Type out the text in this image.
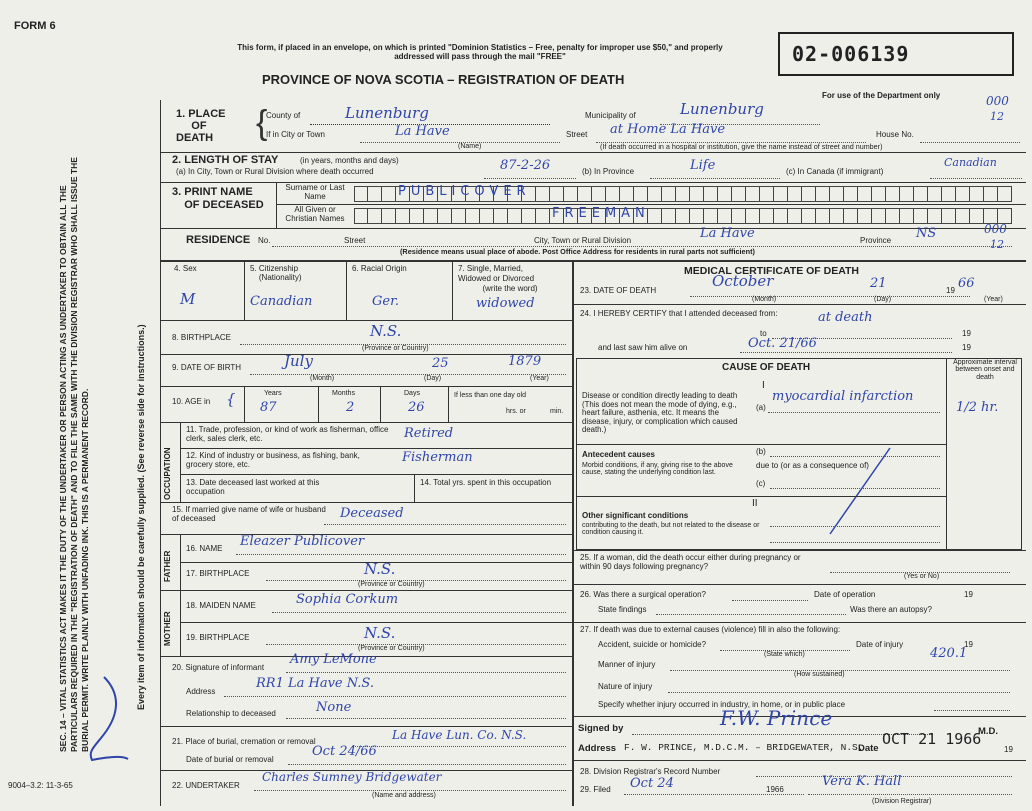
FORM 6
This form, if placed in an envelope, on which is printed "Dominion Statistics – Free, penalty for improper use $50," and properly addressed will pass through the mail "FREE"	02-006139
PROVINCE OF NOVA SCOTIA – REGISTRATION OF DEATH
For use of the Department only	000
12
SEC. 14 – VITAL STATISTICS ACT MAKES IT THE DUTY OF THE UNDERTAKER OR PERSON ACTING AS UNDERTAKER TO OBTAIN ALL THE PARTICULARS REQUIRED IN THE "REGISTRATION OF DEATH" AND TO FILE THE SAME WITH THE DIVISION REGISTRAR WHO SHALL ISSUE THE BURIAL PERMIT. WRITE PLAINLY WITH UNFADING INK. THIS IS A PERMANENT RECORD.	Every item of information should be carefully supplied. (See reverse side for instructions.)
9004–3.2: 11-3-65
1. PLACE
OF
DEATH	{
County of	Lunenburg	Municipality of	Lunenburg
If in City or Town	La Have
(Name)
Street at Home La Have	House No.
(If death occurred in a hospital or institution, give the name instead of street and number)
2. LENGTH OF STAY	(in years, months and days)
(a) In City, Town or Rural Division where death occurred	87-2-26	(b) In Province	Life	(c) In Canada (if immigrant)
Canadian
3. PRINT NAME
OF DECEASED
Surname or Last Name
All Given or Christian Names
PUBLICOVER
FREEMAN
RESIDENCE No.	Street	City, Town or Rural Division	La Have	Province NS	000
12
(Residence means usual place of abode. Post Office Address for residents in rural parts not sufficient)
4. Sex
M
5. Citizenship
(Nationality)
Canadian
6. Racial Origin
Ger.
7. Single, Married,
Widowed or Divorced
(write the word)
widowed
8. BIRTHPLACE	N.S.
(Province or Country)
9. DATE OF BIRTH	July	25	1879
(Month)	(Day)	(Year)
10. AGE in {	Years
87
Months
2
Days
26
If less than one day old
hrs. or	min.
OCCUPATION
11. Trade, profession, or kind of work as fisherman, office clerk, sales clerk, etc.	Retired
12. Kind of industry or business, as fishing, bank, grocery store, etc.	Fisherman
13. Date deceased last worked at this occupation
14. Total yrs. spent in this occupation
15. If married give name of wife or husband of deceased	Deceased
FATHER
16. NAME Eleazer Publicover
17. BIRTHPLACE	N.S.
(Province or Country)
MOTHER
18. MAIDEN NAME	Sophia Corkum
19. BIRTHPLACE	N.S.
(Province or Country)
20. Signature of informant
Amy LeMone
Address
RR1 La Have N.S.
Relationship to deceased	None
21. Place of burial, cremation or removal	La Have Lun. Co. N.S.
Date of burial or removal
Oct 24/66
22. UNDERTAKER
Charles Sumney Bridgewater
(Name and address)
MEDICAL CERTIFICATE OF DEATH
23. DATE OF DEATH
October	21	19 66
(Month)	(Day)	(Year)
24. I HEREBY CERTIFY that I attended deceased from:	at death
to	19
and last saw him alive on	Oct. 21/66	19
CAUSE OF DEATH	Approximate interval between onset and death
I
Disease or condition directly leading to death (This does not mean the mode of dying, e.g., heart failure, asthenia, etc. It means the disease, injury, or complication which caused death.)
(a)
myocardial infarction
1/2 hr.
Antecedent causes
Morbid conditions, if any, giving rise to the above cause, stating the underlying condition last.
(b)
due to (or as a consequence of)
(c)
II
Other significant conditions
contributing to the death, but not related to the disease or condition causing it.
25. If a woman, did the death occur either during pregnancy or within 90 days following pregnancy?
(Yes or No)
26. Was there a surgical operation?	Date of operation	19
State findings	Was there an autopsy?
27. If death was due to external causes (violence) fill in also the following:
Accident, suicide or homicide?
(State which)
Date of injury	19
420.1
Manner of injury
(How sustained)
Nature of injury
Specify whether injury occurred in industry, in home, or in public place
Signed by	F.W. Prince
M.D.
Address F. W. PRINCE, M.D.C.M. – BRIDGEWATER, N.S.
Date
OCT 21 1966
19
28. Division Registrar's Record Number
29. Filed Oct 24	1966
Vera K. Hall
(Division Registrar)
